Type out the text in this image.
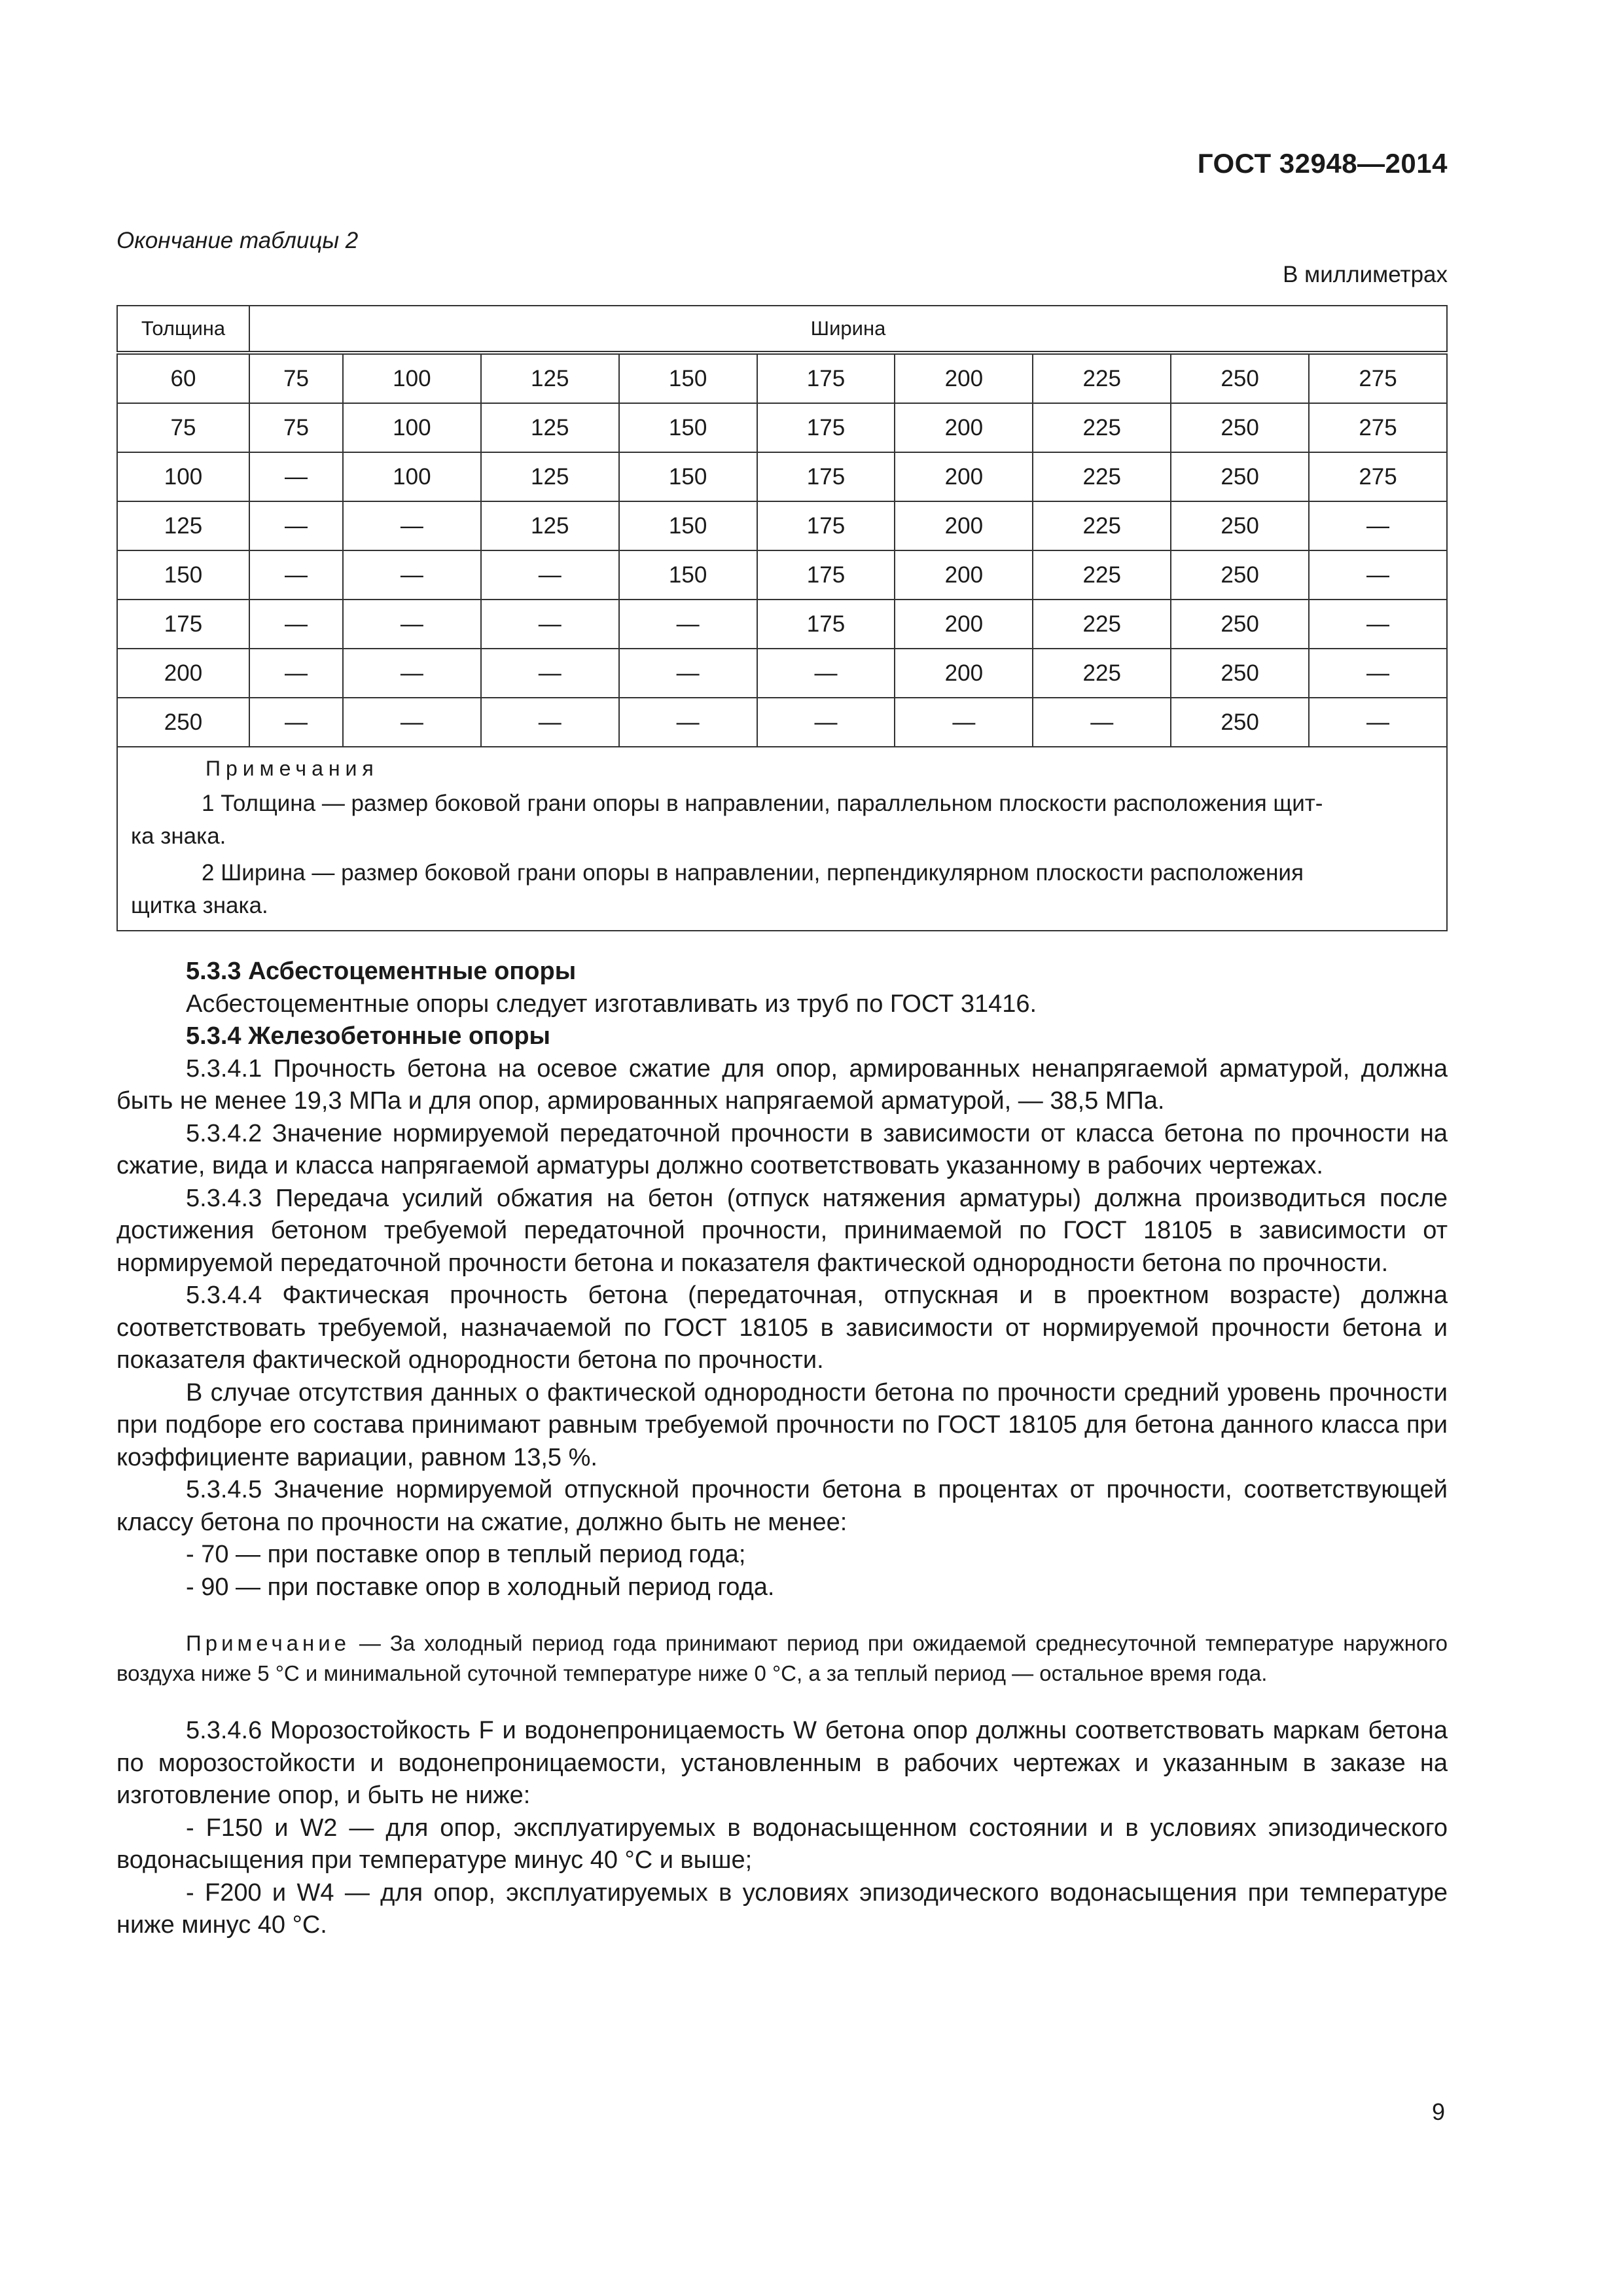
ГОСТ 32948—2014
Окончание таблицы 2
В миллиметрах
Толщина	Ширина								
60	75	100	125	150	175	200	225	250	275
75	75	100	125	150	175	200	225	250	275
100	—	100	125	150	175	200	225	250	275
125	—	—	125	150	175	200	225	250	—
150	—	—	—	150	175	200	225	250	—
175	—	—	—	—	175	200	225	250	—
200	—	—	—	—	—	200	225	250	—
250	—	—	—	—	—	—	—	250	—

Примечания
1 Толщина — размер боковой грани опоры в направлении, параллельном плоскости расположения щит-
ка знака.
2 Ширина — размер боковой грани опоры в направлении, перпендикулярном плоскости расположения
щитка знака.									

5.3.3 Асбестоцементные опоры

Асбестоцементные опоры следует изготавливать из труб по ГОСТ 31416.

5.3.4 Железобетонные опоры

5.3.4.1 Прочность бетона на осевое сжатие для опор, армированных ненапрягаемой арматурой, должна быть не менее 19,3 МПа и для опор, армированных напрягаемой арматурой, — 38,5 МПа.

5.3.4.2 Значение нормируемой передаточной прочности в зависимости от класса бетона по прочности на сжатие, вида и класса напрягаемой арматуры должно соответствовать указанному в рабочих чертежах.

5.3.4.3 Передача усилий обжатия на бетон (отпуск натяжения арматуры) должна производиться после достижения бетоном требуемой передаточной прочности, принимаемой по ГОСТ 18105 в зависимости от нормируемой передаточной прочности бетона и показателя фактической однородности бетона по прочности.

5.3.4.4 Фактическая прочность бетона (передаточная, отпускная и в проектном возрасте) должна соответствовать требуемой, назначаемой по ГОСТ 18105 в зависимости от нормируемой прочности бетона и показателя фактической однородности бетона по прочности.

В случае отсутствия данных о фактической однородности бетона по прочности средний уровень прочности при подборе его состава принимают равным требуемой прочности по ГОСТ 18105 для бетона данного класса при коэффициенте вариации, равном 13,5 %.

5.3.4.5 Значение нормируемой отпускной прочности бетона в процентах от прочности, соответствующей классу бетона по прочности на сжатие, должно быть не менее:

- 70 — при поставке опор в теплый период года;

- 90 — при поставке опор в холодный период года.

Примечание — За холодный период года принимают период при ожидаемой среднесуточной температуре наружного воздуха ниже 5 °С и минимальной суточной температуре ниже 0 °С, а за теплый период — остальное время года.

5.3.4.6 Морозостойкость F и водонепроницаемость W бетона опор должны соответствовать маркам бетона по морозостойкости и водонепроницаемости, установленным в рабочих чертежах и указанным в заказе на изготовление опор, и быть не ниже:

- F150 и W2 — для опор, эксплуатируемых в водонасыщенном состоянии и в условиях эпизодического водонасыщения при температуре минус 40 °С и выше;

- F200 и W4 — для опор, эксплуатируемых в условиях эпизодического водонасыщения при температуре ниже минус 40 °С.

9
